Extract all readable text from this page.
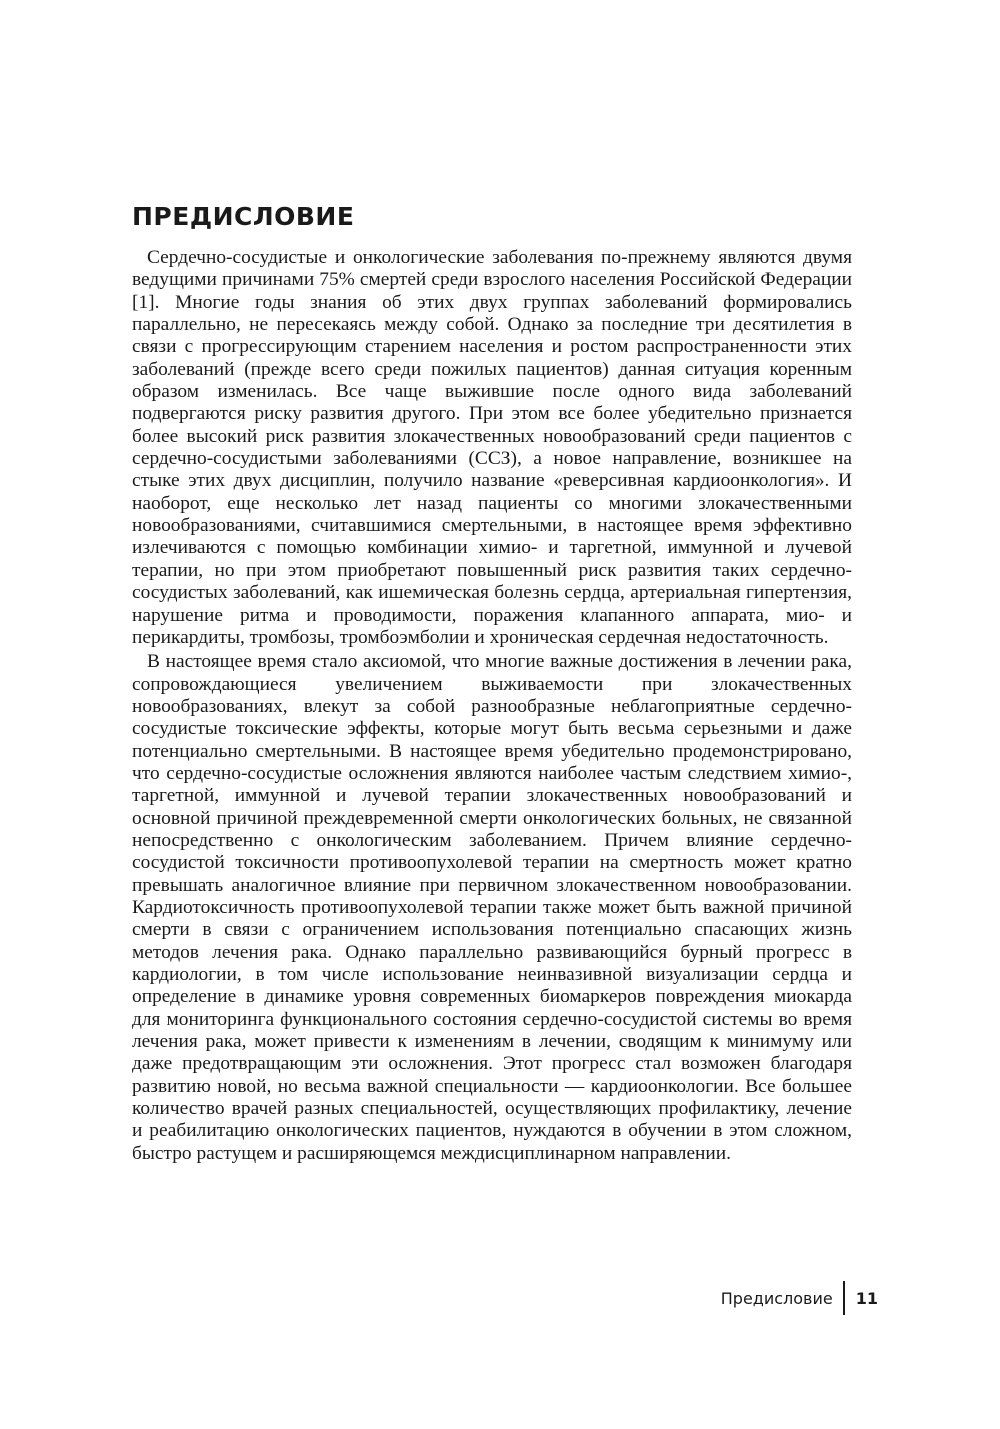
ПРЕДИСЛОВИЕ

Сердечно-сосудистые и онкологические заболевания по-прежнему являются двумя ведущими причинами 75% смертей среди взрослого населения Российской Федерации [1]. Многие годы знания об этих двух группах заболеваний формировались параллельно, не пересекаясь между собой. Однако за последние три десятилетия в связи с прогрессирующим старением населения и ростом распространенности этих заболеваний (прежде всего среди пожилых пациентов) данная ситуация коренным образом изменилась. Все чаще выжившие после одного вида заболеваний подвергаются риску развития другого. При этом все более убедительно признается более высокий риск развития злокачественных новообразований среди пациентов с сердечно-сосудистыми заболеваниями (ССЗ), а новое направление, возникшее на стыке этих двух дисциплин, получило название «реверсивная кардиоонкология». И наоборот, еще несколько лет назад пациенты со многими злокачественными новообразованиями, считавшимися смертельными, в настоящее время эффективно излечиваются с помощью комбинации химио- и таргетной, иммунной и лучевой терапии, но при этом приобретают повышенный риск развития таких сердечно-сосудистых заболеваний, как ишемическая болезнь сердца, артериальная гипертензия, нарушение ритма и проводимости, поражения клапанного аппарата, мио- и перикардиты, тромбозы, тромбоэмболии и хроническая сердечная недостаточность.

В настоящее время стало аксиомой, что многие важные достижения в лечении рака, сопровождающиеся увеличением выживаемости при злокачественных новообразованиях, влекут за собой разнообразные неблагоприятные сердечно-сосудистые токсические эффекты, которые могут быть весьма серьезными и даже потенциально смертельными. В настоящее время убедительно продемонстрировано, что сердечно-сосудистые осложнения являются наиболее частым следствием химио-, таргетной, иммунной и лучевой терапии злокачественных новообразований и основной причиной преждевременной смерти онкологических больных, не связанной непосредственно с онкологическим заболеванием. Причем влияние сердечно-сосудистой токсичности противоопухолевой терапии на смертность может кратно превышать аналогичное влияние при первичном злокачественном новообразовании. Кардиотоксичность противоопухолевой терапии также может быть важной причиной смерти в связи с ограничением использования потенциально спасающих жизнь методов лечения рака. Однако параллельно развивающийся бурный прогресс в кардиологии, в том числе использование неинвазивной визуализации сердца и определение в динамике уровня современных биомаркеров повреждения миокарда для мониторинга функционального состояния сердечно-сосудистой системы во время лечения рака, может привести к изменениям в лечении, сводящим к минимуму или даже предотвращающим эти осложнения. Этот прогресс стал возможен благодаря развитию новой, но весьма важной специальности — кардиоонкологии. Все большее количество врачей разных специальностей, осуществляющих профилактику, лечение и реабилитацию онкологических пациентов, нуждаются в обучении в этом сложном, быстро растущем и расширяющемся междисциплинарном направлении.

Предисловие	11
